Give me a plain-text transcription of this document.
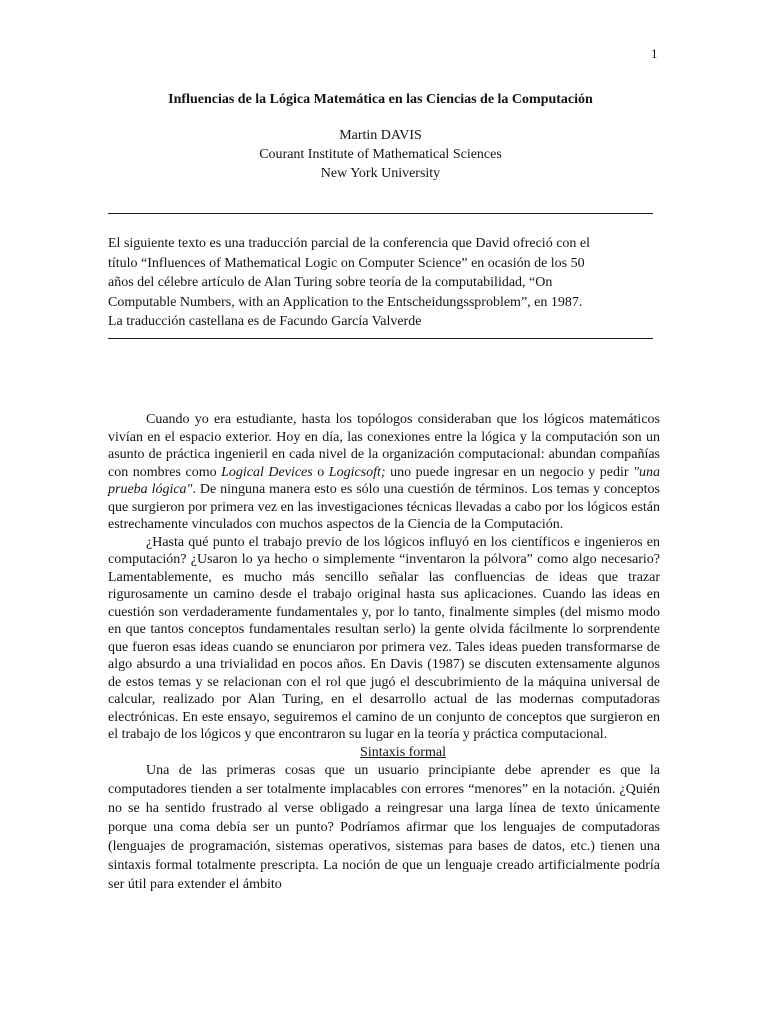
1
Influencias de la Lógica Matemática en las Ciencias de la Computación
Martin DAVIS
Courant Institute of Mathematical Sciences
New York University

El siguiente texto es una traducción parcial de la conferencia que David ofreció con el

título “Influences of Mathematical Logic on Computer Science” en ocasión de los 50

años del célebre artículo de Alan Turing sobre teoría de la computabilidad, “On

Computable Numbers, with an Application to the Entscheidungssproblem”, en 1987.

La traducción castellana es de Facundo García Valverde

Cuando yo era estudiante, hasta los topólogos consideraban que los lógicos matemáticos vivían en el espacio exterior. Hoy en día, las conexiones entre la lógica y la computación son un asunto de práctica ingenieril en cada nivel de la organización computacional: abundan compañías con nombres como Logical Devices o Logicsoft; uno puede ingresar en un negocio y pedir "una prueba lógica". De ninguna manera esto es sólo una cuestión de términos. Los temas y conceptos que surgieron por primera vez en las investigaciones técnicas llevadas a cabo por los lógicos están estrechamente vinculados con muchos aspectos de la Ciencia de la Computación.

¿Hasta qué punto el trabajo previo de los lógicos influyó en los científicos e ingenieros en computación? ¿Usaron lo ya hecho o simplemente “inventaron la pólvora” como algo necesario? Lamentablemente, es mucho más sencillo señalar las confluencias de ideas que trazar rigurosamente un camino desde el trabajo original hasta sus aplicaciones. Cuando las ideas en cuestión son verdaderamente fundamentales y, por lo tanto, finalmente simples (del mismo modo en que tantos conceptos fundamentales resultan serlo) la gente olvida fácilmente lo sorprendente que fueron esas ideas cuando se enunciaron por primera vez. Tales ideas pueden transformarse de algo absurdo a una trivialidad en pocos años. En Davis (1987) se discuten extensamente algunos de estos temas y se relacionan con el rol que jugó el descubrimiento de la máquina universal de calcular, realizado por Alan Turing, en el desarrollo actual de las modernas computadoras electrónicas. En este ensayo, seguiremos el camino de un conjunto de conceptos que surgieron en el trabajo de los lógicos y que encontraron su lugar en la teoría y práctica computacional.

Sintaxis formal

Una de las primeras cosas que un usuario principiante debe aprender es que la computadores tienden a ser totalmente implacables con errores “menores” en la notación. ¿Quién no se ha sentido frustrado al verse obligado a reingresar una larga línea de texto únicamente porque una coma debía ser un punto? Podríamos afirmar que los lenguajes de computadoras (lenguajes de programación, sistemas operativos, sistemas para bases de datos, etc.) tienen una sintaxis formal totalmente prescripta. La noción de que un lenguaje creado artificialmente podría ser útil para extender el ámbito
